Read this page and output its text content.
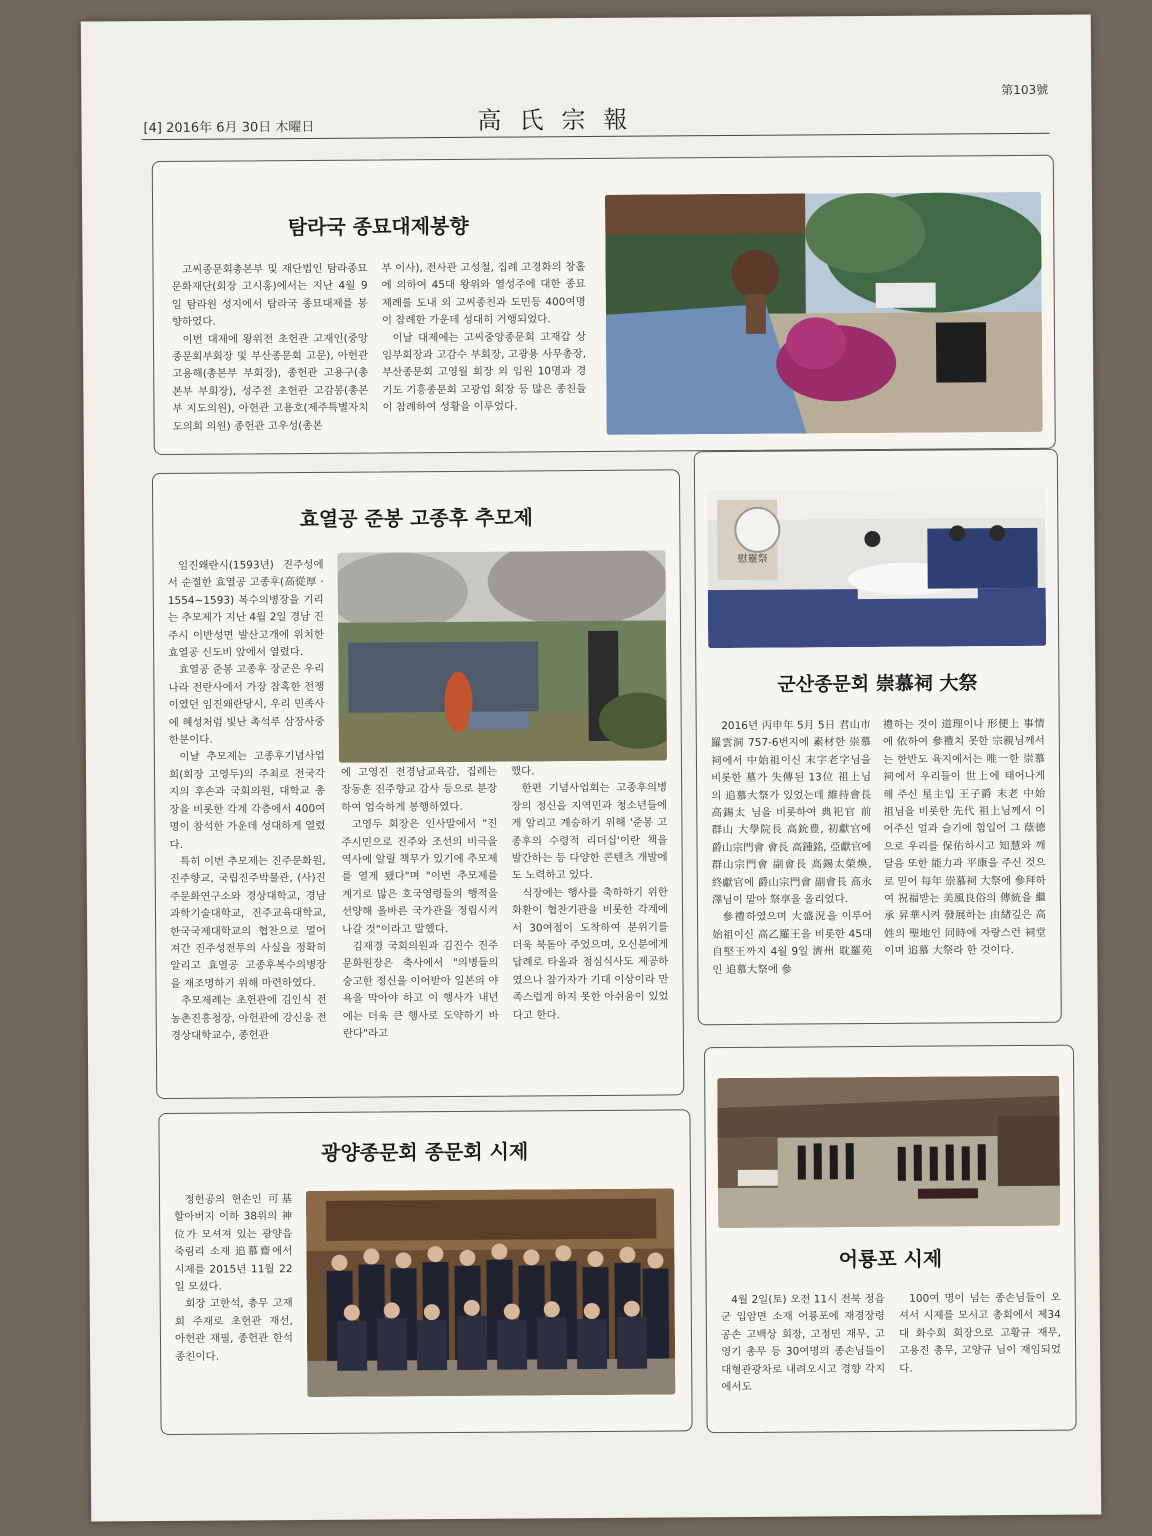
[4] 2016年 6月 30日 木曜日	高氏宗報
第103號
탐라국 종묘대제봉향

고씨종문회총본부 및 재단법인 탐라종묘문화재단(회장 고시홍)에서는 지난 4월 9일 탐라원 성지에서 탐라국 종묘대제를 봉향하였다.

이번 대제에 왕위전 초헌관 고재인(중앙종문회부회장 및 부산종문회 고문), 아헌관 고용해(총본부 부회장), 종헌관 고용구(총본부 부회장), 성주전 초헌관 고감봉(총본부 지도의원), 아헌관 고용호(제주특별자치도의회 의원) 종헌관 고우성(총본

부 이사), 전사관 고성철, 집례 고경화의 창홀에 의하여 45대 왕위와 열성주에 대한 종묘제례를 도내 외 고씨종친과 도민등 400여명이 참례한 가운데 성대히 거행되었다.

이날 대제에는 고씨중앙종문회 고재갑 상임부회장과 고감수 부회장, 고광용 사무총장, 부산종문회 고영월 회장 외 임원 10명과 경기도 기흥종문회 고광업 회장 등 많은 종친들이 참례하여 성황을 이루었다.

효열공 준봉 고종후 추모제

임진왜란시(1593년) 진주성에서 순절한 효열공 고종후(高從厚 · 1554~1593) 복수의병장을 기리는 추모제가 지난 4월 2일 경남 진주시 이반성면 발산고개에 위치한 효열공 신도비 앞에서 열렸다.

효열공 준봉 고종후 장군은 우리나라 전란사에서 가장 참혹한 전쟁이였던 임진왜란당시, 우리 민족사에 혜성처럼 빛난 촉석루 삼장사중 한분이다.

이날 추모제는 고종후기념사업회(회장 고영두)의 주최로 전국각지의 후손과 국회의원, 대학교 총장을 비롯한 각계 각층에서 400여명이 참석한 가운데 성대하게 열렸다.

특히 이번 추모제는 진주문화원, 진주향교, 국립진주박물관, (사)진주문화연구소와 경상대학교, 경남과학기술대학교, 진주교육대학교, 한국국제대학교의 협찬으로 멀어져간 진주성전투의 사실을 정확히 알리고 효열공 고종후복수의병장을 재조명하기 위해 마련하였다.

추모제례는 초헌관에 김인식 전농촌진흥청장, 아헌관에 강신웅 전경상대학교수, 종헌관

에 고영진 전경남교육감, 집례는 장동훈 진주향교 감사 등으로 분장하여 엄숙하게 봉행하였다.

고영두 회장은 인사말에서 "진주시민으로 진주와 조선의 비극을 역사에 알릴 책무가 있기에 추모제를 열게 됐다"며 "이번 추모제를 계기로 많은 호국영령들의 행적을 선양해 올바른 국가관을 정립시켜 나갈 것"이라고 말했다.

김재경 국회의원과 김진수 진주문화원장은 축사에서 "의병들의 숭고한 정신을 이어받아 일본의 야욕을 막아야 하고 이 행사가 내년에는 더욱 큰 행사로 도약하기 바란다"라고

했다.

한편 기념사업회는 고종후의병장의 정신을 지역민과 청소년들에게 알리고 계승하기 위해 '준봉 고종후의 수령적 리더십'이란 책을 발간하는 등 다양한 콘텐츠 개발에도 노력하고 있다.

식장에는 행사를 축하하기 위한 화환이 협찬기관을 비롯한 각계에서 30여점이 도착하여 분위기를 더욱 북돋아 주었으며, 오신분에게 답례로 타올과 점심식사도 제공하였으나 참가자가 기대 이상이라 만족스럽게 하지 못한 아쉬움이 있었다고 한다.

慰靈祭
군산종문회 崇慕祠 大祭

2016년 丙申年 5月 5日 君山市 羅雲洞 757-6번지에 素材한 崇慕祠에서 中始祖이신 末字老字님을 비롯한 墓가 失傳된 13位 祖上님의 追慕大祭가 있었는데 維持會長 高錫太 님을 비롯하여 典祀官 前 群山 大學院長 高鈗豊, 初獻官에 爵山宗門會 會長 高鍾銘, 亞獻官에 群山宗門會 副會長 高錫太榮煥, 終獻官에 爵山宗門會 副會長 高永澤님이 맡아 祭享을 올리었다.

參禮하였으며 大盛況을 이루어 始祖이신 高乙羅王을 비롯한 45대 自堅王까지 4월 9일 濟州 耽羅苑인 追慕大祭에 參

禮하는 것이 道理이나 形便上 事情에 依하여 參禮치 못한 宗親님께서는 한반도 육지에서는 唯一한 崇慕祠에서 우리들이 世上에 태어나게 해 주신 星主입 王子爵 末老 中始祖님을 비롯한 先代 祖上님께서 이어주신 얼과 슬기에 힘입어 그 蔭德으로 우리를 保佑하시고 知慧와 깨달음 또한 能力과 平康을 주신 것으로 믿어 每年 崇慕祠 大祭에 參拜하여 祝福받는 美風良俗의 傳統을 繼承 昇華시켜 發展하는 由緖깊은 高姓의 聖地인 同時에 자랑스런 祠堂이며 追慕 大祭라 한 것이다.

광양종문회 종문회 시제

정헌공의 현손인 可基 할아버지 이하 38위의 神位가 모셔져 있는 광양읍 죽림리 소재 追慕齋에서 시제를 2015년 11월 22일 모셨다.

회장 고한석, 총무 고재회 주재로 초헌관 재선, 아헌관 재필, 종헌관 한석 종친이다.

어룡포 시제

4월 2일(토) 오전 11시 전북 정읍군 입암면 소재 어룡포에 재경장령공손 고백상 회장, 고정민 재무, 고영기 총무 등 30여명의 종손님들이 대형관광차로 내려오시고 경향 각지에서도

100여 명이 넘는 종손님들이 오셔서 시제를 모시고 총회에서 제34대 화수회 회장으로 고황규 재무, 고용진 총무, 고양규 님이 재임되었다.
